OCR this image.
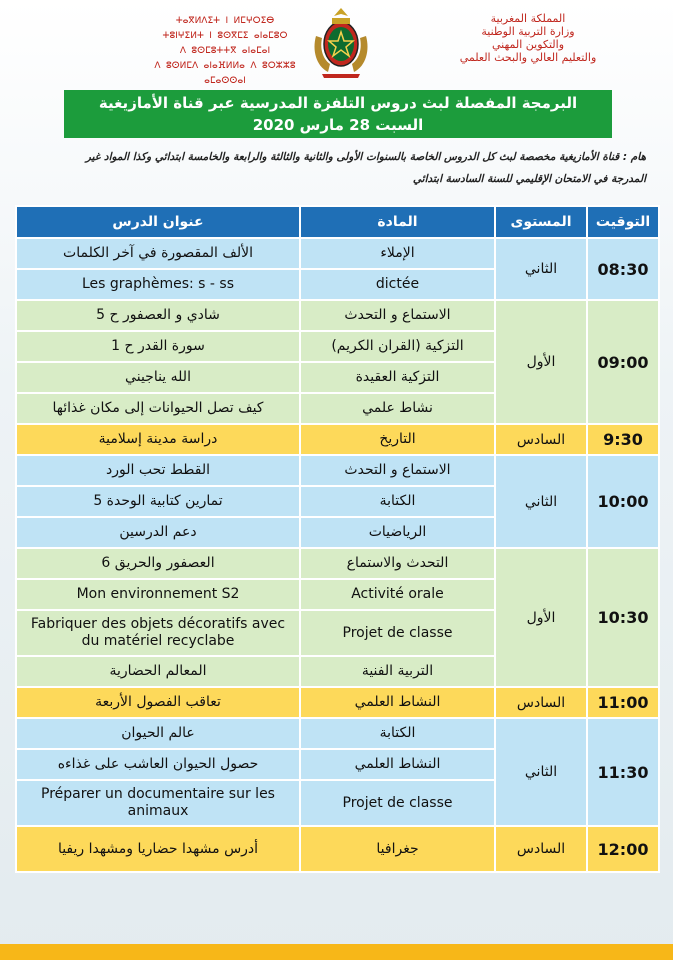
ⵜⴰⴳⵍⴷⵉⵜ ⵏ ⵍⵎⵖⵔⵉⴱ
ⵜⵓⵏⵖⵉⵍⵜ ⵏ ⵓⵙⴳⵎⵉ ⴰⵏⴰⵎⵓⵔ
ⴷ ⵓⵙⵎⵓⵜⵜⴳ ⴰⵏⴰⵎⴰⵏ
ⴷ ⵓⵙⵍⵎⴷ ⴰⵏⴰⴼⵍⵍⴰ ⴷ ⵓⵔⵣⵣⵓ ⴰⵎⴰⵙⵙⴰⵏ
المملكة المغربية
وزارة التربية الوطنية
والتكوين المهني
والتعليم العالي والبحث العلمي
البرمجة المفصلة لبث دروس التلفزة المدرسية عبر قناة الأمازيغية
السبت 28 مارس 2020
هام : قناة الأمازيغية مخصصة لبث كل الدروس الخاصة بالسنوات الأولى والثانية والثالثة والرابعة والخامسة ابتدائي وكذا المواد غير
المدرجة في الامتحان الإقليمي للسنة السادسة ابتدائي
التوقيت	المستوى	المادة	عنوان الدرس
08:30	الثاني	الإملاء	الألف المقصورة في آخر الكلمات
		dictée	Les graphèmes: s - ss
09:00	الأول	الاستماع و التحدث	شادي و العصفور ح 5
		التزكية (القران الكريم)	سورة القدر ح 1
		التزكية العقيدة	الله يناجيني
		نشاط علمي	كيف تصل الحيوانات إلى مكان غذائها
9:30	السادس	التاريخ	دراسة مدينة إسلامية
10:00	الثاني	الاستماع و التحدث	القطط تحب الورد
		الكتابة	تمارين كتابية الوحدة 5
		الرياضيات	دعم الدرسين
10:30	الأول	التحدث والاستماع	العصفور والحريق 6
		Activité orale	Mon environnement S2
		Projet de classe	Fabriquer des objets décoratifs avec du matériel recyclabe
		التربية الفنية	المعالم الحضارية
11:00	السادس	النشاط العلمي	تعاقب الفصول الأربعة
11:30	الثاني	الكتابة	عالم الحيوان
		النشاط العلمي	حصول الحيوان العاشب على غذاءه
		Projet de classe	Préparer un documentaire sur les animaux
12:00	السادس	جغرافيا	أدرس مشهدا حضاريا ومشهدا ريفيا
